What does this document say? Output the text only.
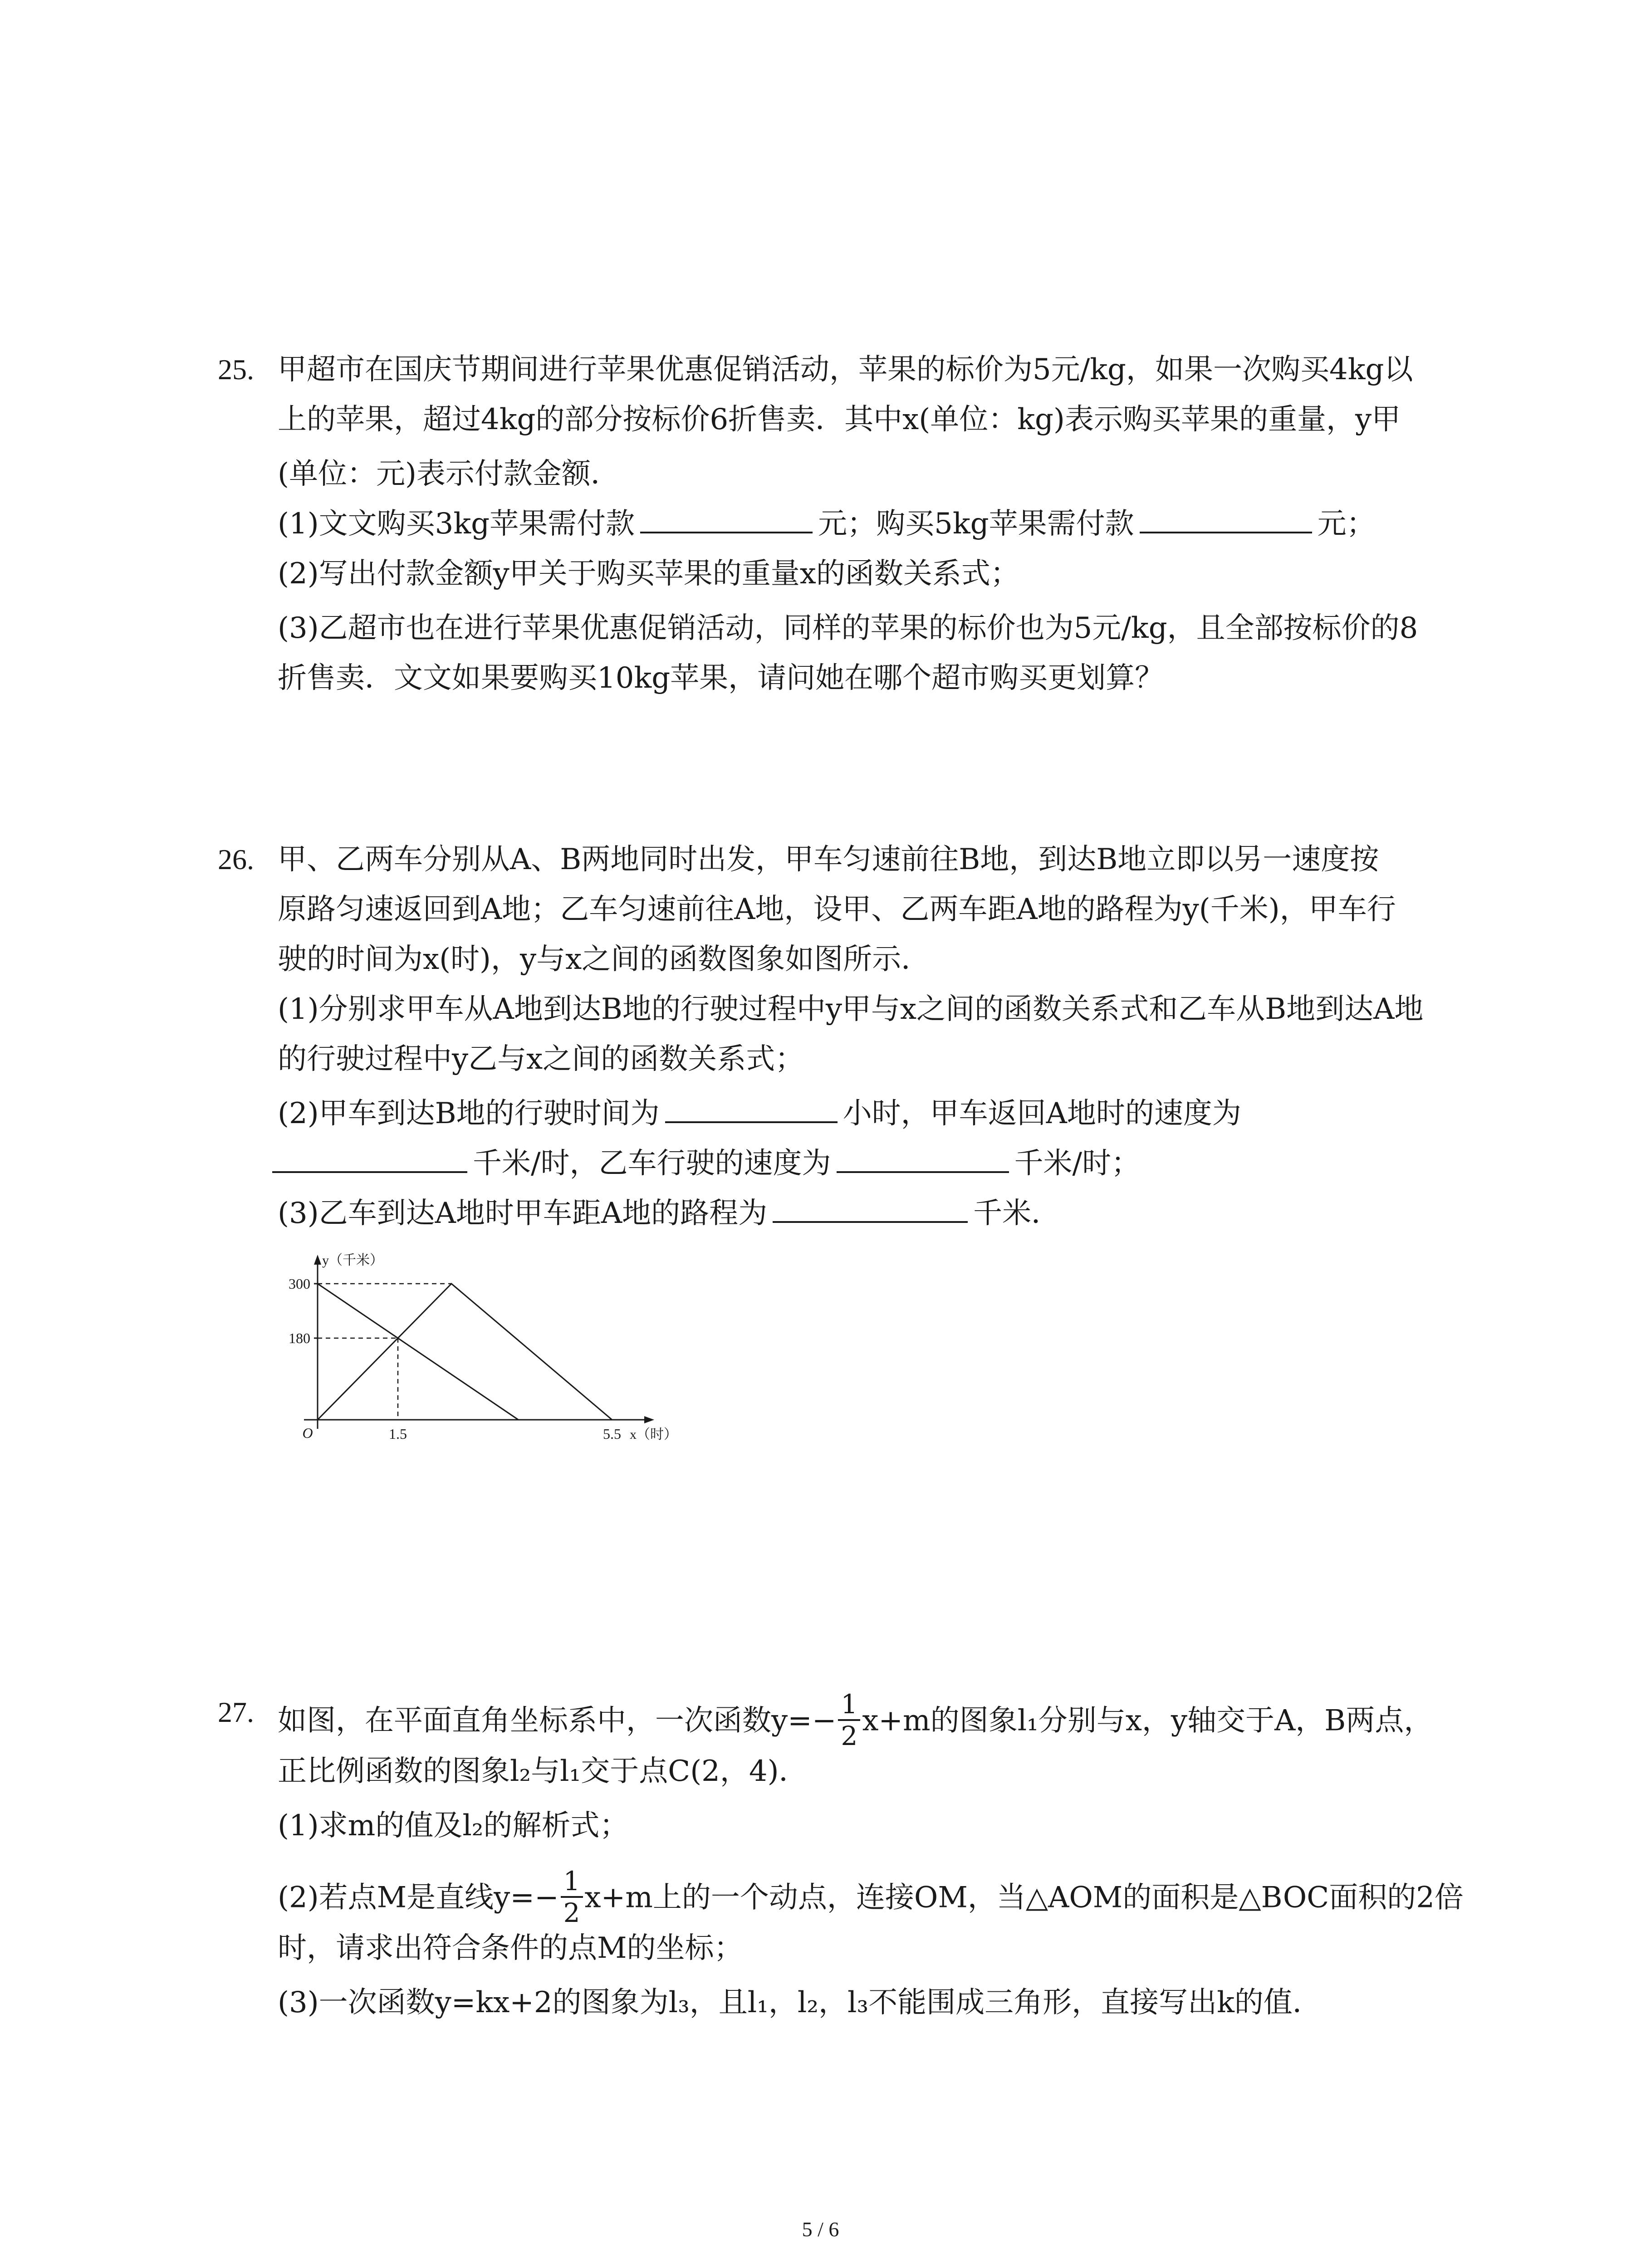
25. 甲超市在国庆节期间进行苹果优惠促销活动，苹果的标价为5元/kg，如果一次购买4kg以
上的苹果，超过4kg的部分按标价6折售卖．其中x(单位：kg)表示购买苹果的重量，y甲
(单位：元)表示付款金额．
(1)文文购买3kg苹果需付款	元；购买5kg苹果需付款	元；
(2)写出付款金额y甲关于购买苹果的重量x的函数关系式；
(3)乙超市也在进行苹果优惠促销活动，同样的苹果的标价也为5元/kg，且全部按标价的8
折售卖．文文如果要购买10kg苹果，请问她在哪个超市购买更划算？
26. 甲、乙两车分别从A、B两地同时出发，甲车匀速前往B地，到达B地立即以另一速度按
原路匀速返回到A地；乙车匀速前往A地，设甲、乙两车距A地的路程为y(千米)，甲车行
驶的时间为x(时)，y与x之间的函数图象如图所示．
(1)分别求甲车从A地到达B地的行驶过程中y甲与x之间的函数关系式和乙车从B地到达A地
的行驶过程中y乙与x之间的函数关系式；
(2)甲车到达B地的行驶时间为	小时，甲车返回A地时的速度为
千米/时，乙车行驶的速度为	千米/时；
(3)乙车到达A地时甲车距A地的路程为	千米．
180
300
1.5	5.5
O	x（时）
y（千米）
27. 如图，在平面直角坐标系中，一次函数$y=- \frac{1}{2} x+m$的图象l₁分别与x，y轴交于A，B两点，
正比例函数的图象l₂与l₁交于点C(2，4)．
(1)求m的值及l₂的解析式；
(2)若点M是直线$y=- \frac{1}{2} x+m$上的一个动点，连接OM，当△AOM的面积是△BOC面积的2倍
时，请求出符合条件的点M的坐标；
(3)一次函数y=kx+2的图象为l₃，且l₁，l₂，l₃不能围成三角形，直接写出k的值．
5 / 6
